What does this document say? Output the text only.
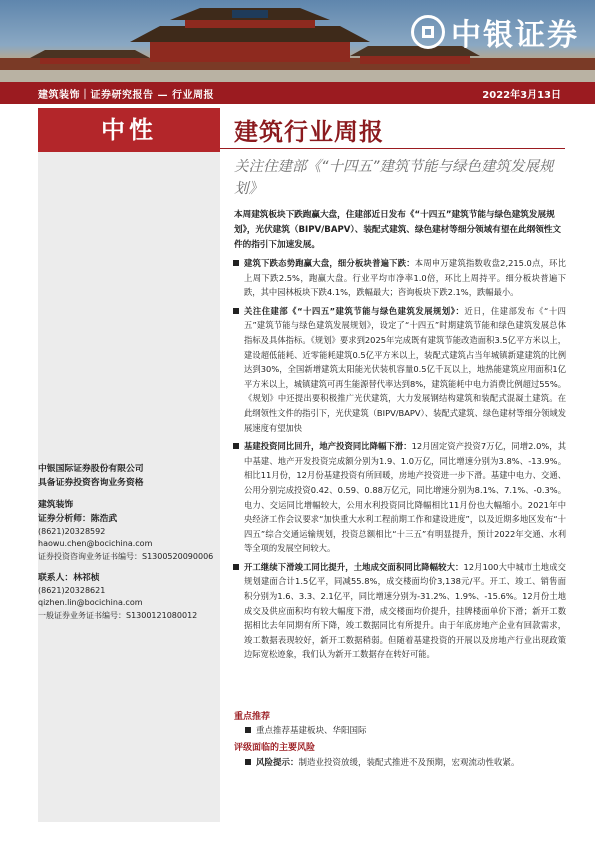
中银证券
建筑装饰｜证券研究报告 — 行业周报	2022年3月13日
中性	建筑行业周报
关注住建部《“十四五”建筑节能与绿色建筑发展规划》
本周建筑板块下跌跑赢大盘，住建部近日发布《“十四五”建筑节能与绿色建筑发展规划》，光伏建筑（BIPV/BAPV）、装配式建筑、绿色建材等细分领域有望在此纲领性文件的指引下加速发展。
建筑下跌态势跑赢大盘，细分板块普遍下跌：本周申万建筑指数收盘2,215.0点，环比上周下跌2.5%，跑赢大盘。行业平均市净率1.0倍，环比上周持平。细分板块普遍下跌，其中园林板块下跌4.1%，跌幅最大；咨询板块下跌2.1%，跌幅最小。
关注住建部《“十四五”建筑节能与绿色建筑发展规划》：近日，住建部发布《“十四五”建筑节能与绿色建筑发展规划》，设定了“十四五”时期建筑节能和绿色建筑发展总体指标及具体指标。《规划》要求到2025年完成既有建筑节能改造面积3.5亿平方米以上，建设超低能耗、近零能耗建筑0.5亿平方米以上，装配式建筑占当年城镇新建建筑的比例达到30%，全国新增建筑太阳能光伏装机容量0.5亿千瓦以上，地热能建筑应用面积1亿平方米以上，城镇建筑可再生能源替代率达到8%，建筑能耗中电力消费比例超过55%。《规划》中还提出要积极推广光伏建筑，大力发展钢结构建筑和装配式混凝土建筑。在此纲领性文件的指引下，光伏建筑（BIPV/BAPV）、装配式建筑、绿色建材等细分领域发展速度有望加快
基建投资同比回升，地产投资同比降幅下滑：12月固定资产投资7万亿，同增2.0%，其中基建、地产开发投资完成额分别为1.9、1.0万亿，同比增速分别为3.8%、-13.9%。相比11月份，12月份基建投资有所回暖，房地产投资进一步下滑。基建中电力、交通、公用分别完成投资0.42、0.59、0.88万亿元，同比增速分别为8.1%、7.1%、-0.3%。电力、交运同比增幅较大，公用水利投资同比降幅相比11月份也大幅缩小。2021年中央经济工作会议要求“加快重大水利工程前期工作和建设进度”，以及近期多地区发布“十四五”综合交通运输规划，投资总额相比“十三五”有明显提升，预计2022年交通、水利等全项的发展空间较大。
开工继续下滑竣工同比提升，土地成交面积同比降幅较大：12月100大中城市土地成交规划建面合计1.5亿平，同减55.8%，成交楼面均价3,138元/平。开工、竣工、销售面积分别为1.6、3.3、2.1亿平，同比增速分别为-31.2%、1.9%、-15.6%。12月份土地成交及供应面积均有较大幅度下滑，成交楼面均价提升，挂牌楼面单价下滑；新开工数据相比去年同期有所下降，竣工数据同比有所提升。由于年底房地产企业有回款需求，竣工数据表现较好，新开工数据稍弱。但随着基建投资的开展以及房地产行业出现政策边际宽松迹象，我们认为新开工数据存在转好可能。
重点推荐
重点推荐基建板块、华阳国际
评级面临的主要风险
风险提示：制造业投资放缓，装配式推进不及预期，宏观流动性收紧。
中银国际证券股份有限公司
具备证券投资咨询业务资格
建筑装饰
证券分析师：陈浩武
(8621)20328592
haowu.chen@bocichina.com
证券投资咨询业务证书编号：S1300520090006
联系人：林祁桢
(8621)20328621
qizhen.lin@bocichina.com
一般证券业务证书编号：S1300121080012
